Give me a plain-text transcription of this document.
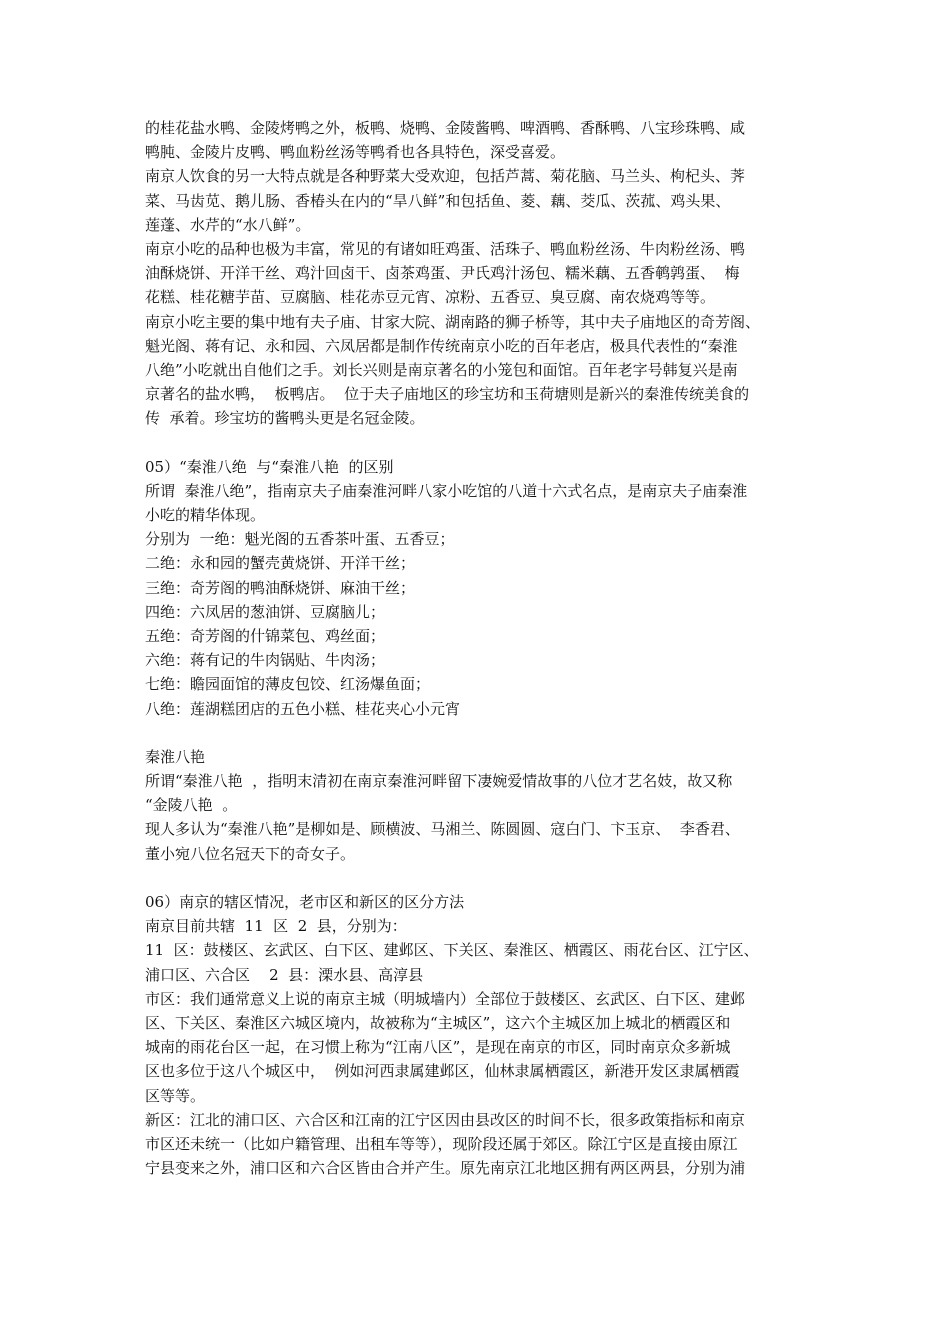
的桂花盐水鸭、金陵烤鸭之外，板鸭、烧鸭、金陵酱鸭、啤酒鸭、香酥鸭、八宝珍珠鸭、咸
鸭肫、金陵片皮鸭、鸭血粉丝汤等鸭肴也各具特色，深受喜爱。
南京人饮食的另一大特点就是各种野菜大受欢迎，包括芦蒿、菊花脑、马兰头、枸杞头、荠
菜、马齿苋、鹅儿肠、香椿头在内的“旱八鲜”和包括鱼、菱、藕、茭瓜、茨菰、鸡头果、
莲蓬、水芹的“水八鲜”。
南京小吃的品种也极为丰富，常见的有诸如旺鸡蛋、活珠子、鸭血粉丝汤、牛肉粉丝汤、鸭
油酥烧饼、开洋干丝、鸡汁回卤干、卤茶鸡蛋、尹氏鸡汁汤包、糯米藕、五香鹌鹑蛋、  梅
花糕、桂花糖芋苗、豆腐脑、桂花赤豆元宵、凉粉、五香豆、臭豆腐、南农烧鸡等等。
南京小吃主要的集中地有夫子庙、甘家大院、湖南路的狮子桥等，其中夫子庙地区的奇芳阁、
魁光阁、蒋有记、永和园、六凤居都是制作传统南京小吃的百年老店，极具代表性的“秦淮
八绝”小吃就出自他们之手。刘长兴则是南京著名的小笼包和面馆。百年老字号韩复兴是南
京著名的盐水鸭，  板鸭店。  位于夫子庙地区的珍宝坊和玉荷塘则是新兴的秦淮传统美食的
传  承着。珍宝坊的酱鸭头更是名冠金陵。
05）“秦淮八绝  与“秦淮八艳  的区别
所谓  秦淮八绝”，指南京夫子庙秦淮河畔八家小吃馆的八道十六式名点，是南京夫子庙秦淮
小吃的精华体现。
分别为  一绝：魁光阁的五香茶叶蛋、五香豆；
二绝：永和园的蟹壳黄烧饼、开洋干丝；
三绝：奇芳阁的鸭油酥烧饼、麻油干丝；
四绝：六凤居的葱油饼、豆腐脑儿；
五绝：奇芳阁的什锦菜包、鸡丝面；
六绝：蒋有记的牛肉锅贴、牛肉汤；
七绝：瞻园面馆的薄皮包饺、红汤爆鱼面；
八绝：莲湖糕团店的五色小糕、桂花夹心小元宵
秦淮八艳
所谓“秦淮八艳  ，指明末清初在南京秦淮河畔留下凄婉爱情故事的八位才艺名妓，故又称
“金陵八艳  。
现人多认为“秦淮八艳”是柳如是、顾横波、马湘兰、陈圆圆、寇白门、卞玉京、  李香君、
董小宛八位名冠天下的奇女子。
06）南京的辖区情况，老市区和新区的区分方法
南京目前共辖  11  区  2  县，分别为：
11  区：鼓楼区、玄武区、白下区、建邺区、下关区、秦淮区、栖霞区、雨花台区、江宁区、
浦口区、六合区    2  县：溧水县、高淳县
市区：我们通常意义上说的南京主城（明城墙内）全部位于鼓楼区、玄武区、白下区、建邺
区、下关区、秦淮区六城区境内，故被称为“主城区”，这六个主城区加上城北的栖霞区和
城南的雨花台区一起，在习惯上称为“江南八区”，是现在南京的市区，同时南京众多新城
区也多位于这八个城区中，  例如河西隶属建邺区，仙林隶属栖霞区，新港开发区隶属栖霞
区等等。
新区：江北的浦口区、六合区和江南的江宁区因由县改区的时间不长，很多政策指标和南京
市区还未统一（比如户籍管理、出租车等等），现阶段还属于郊区。除江宁区是直接由原江
宁县变来之外，浦口区和六合区皆由合并产生。原先南京江北地区拥有两区两县，分别为浦
